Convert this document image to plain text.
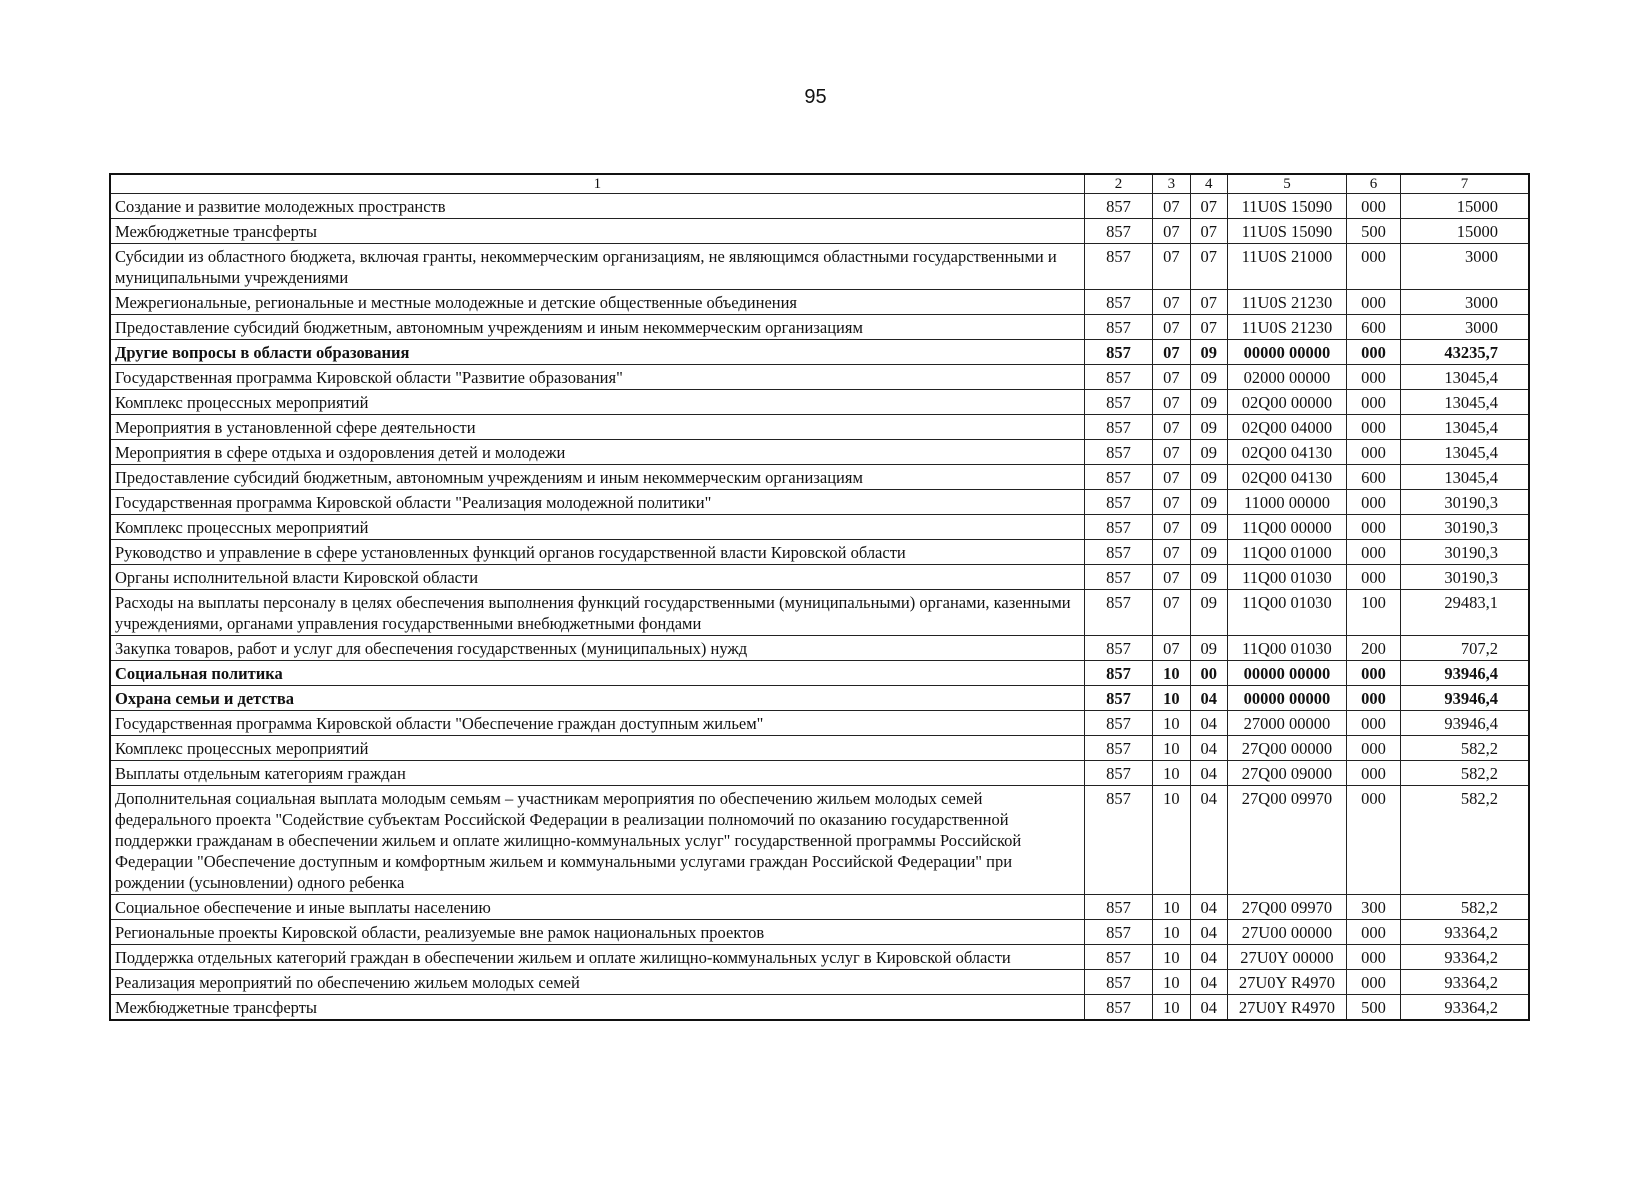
95
1	2	3	4	5	6	7
Создание и развитие молодежных пространств	857	07	07	11U0S 15090	000	15000
Межбюджетные трансферты	857	07	07	11U0S 15090	500	15000
Субсидии из областного бюджета, включая гранты, некоммерческим организациям, не являющимся областными государственными и муниципальными учреждениями	857	07	07	11U0S 21000	000	3000
Межрегиональные, региональные и местные молодежные и детские общественные объединения	857	07	07	11U0S 21230	000	3000
Предоставление субсидий бюджетным, автономным учреждениям и иным некоммерческим организациям	857	07	07	11U0S 21230	600	3000
Другие вопросы в области образования	857	07	09	00000 00000	000	43235,7
Государственная программа Кировской области "Развитие образования"	857	07	09	02000 00000	000	13045,4
Комплекс процессных мероприятий	857	07	09	02Q00 00000	000	13045,4
Мероприятия в установленной сфере деятельности	857	07	09	02Q00 04000	000	13045,4
Мероприятия в сфере отдыха и оздоровления детей и молодежи	857	07	09	02Q00 04130	000	13045,4
Предоставление субсидий бюджетным, автономным учреждениям и иным некоммерческим организациям	857	07	09	02Q00 04130	600	13045,4
Государственная программа Кировской области "Реализация молодежной политики"	857	07	09	11000 00000	000	30190,3
Комплекс процессных мероприятий	857	07	09	11Q00 00000	000	30190,3
Руководство и управление в сфере установленных функций органов государственной власти Кировской области	857	07	09	11Q00 01000	000	30190,3
Органы исполнительной власти Кировской области	857	07	09	11Q00 01030	000	30190,3
Расходы на выплаты персоналу в целях обеспечения выполнения функций государственными (муниципальными) органами, казенными учреждениями, органами управления государственными внебюджетными фондами	857	07	09	11Q00 01030	100	29483,1
Закупка товаров, работ и услуг для обеспечения государственных (муниципальных) нужд	857	07	09	11Q00 01030	200	707,2
Социальная политика	857	10	00	00000 00000	000	93946,4
Охрана семьи и детства	857	10	04	00000 00000	000	93946,4
Государственная программа Кировской области "Обеспечение граждан доступным жильем"	857	10	04	27000 00000	000	93946,4
Комплекс процессных мероприятий	857	10	04	27Q00 00000	000	582,2
Выплаты отдельным категориям граждан	857	10	04	27Q00 09000	000	582,2
Дополнительная социальная выплата молодым семьям – участникам мероприятия по обеспечению жильем молодых семей федерального проекта "Содействие субъектам Российской Федерации в реализации полномочий по оказанию государственной поддержки гражданам в обеспечении жильем и оплате жилищно-коммунальных услуг" государственной программы Российской Федерации "Обеспечение доступным и комфортным жильем и коммунальными услугами граждан Российской Федерации" при рождении (усыновлении) одного ребенка	857	10	04	27Q00 09970	000	582,2
Социальное обеспечение и иные выплаты населению	857	10	04	27Q00 09970	300	582,2
Региональные проекты Кировской области, реализуемые вне рамок национальных проектов	857	10	04	27U00 00000	000	93364,2
Поддержка отдельных категорий граждан в обеспечении жильем и оплате жилищно-коммунальных услуг в Кировской области	857	10	04	27U0Y 00000	000	93364,2
Реализация мероприятий по обеспечению жильем молодых семей	857	10	04	27U0Y R4970	000	93364,2
Межбюджетные трансферты	857	10	04	27U0Y R4970	500	93364,2
